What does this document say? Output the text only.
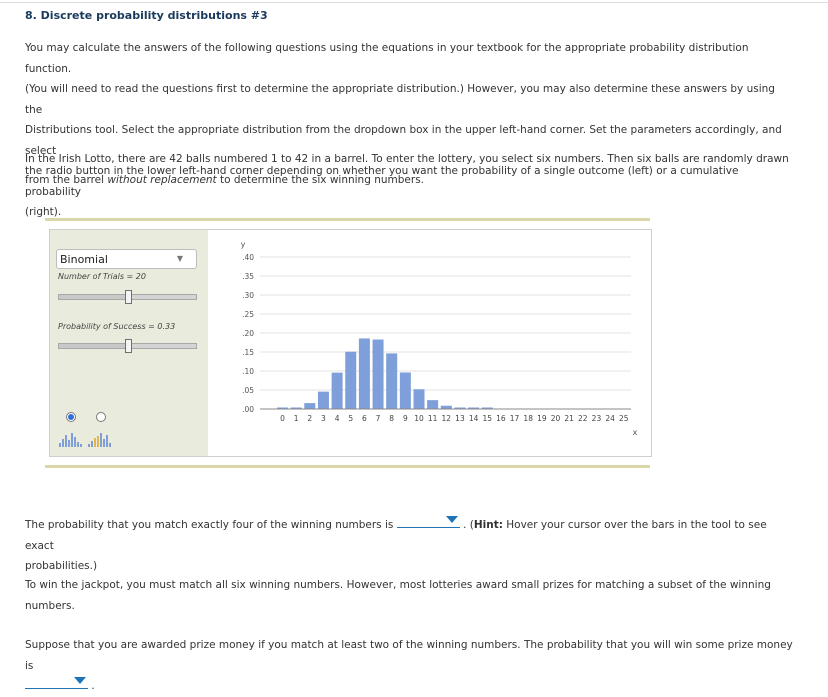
8. Discrete probability distributions #3
You may calculate the answers of the following questions using the equations in your textbook for the appropriate probability distribution function.
(You will need to read the questions first to determine the appropriate distribution.) However, you may also determine these answers by using the
Distributions tool. Select the appropriate distribution from the dropdown box in the upper left-hand corner. Set the parameters accordingly, and select
the radio button in the lower left-hand corner depending on whether you want the probability of a single outcome (left) or a cumulative probability
(right).
In the Irish Lotto, there are 42 balls numbered 1 to 42 in a barrel. To enter the lottery, you select six numbers. Then six balls are randomly drawn
from the barrel without replacement to determine the six winning numbers.
Binomial	▼
Number of Trials = 20
Probability of Success = 0.33
y
x
.00
.05
.10
.15
.20
.25
.30
.35
.40
0 1 2 3 4 5 6 7 8 9 10 11 12 13 14 15 16 17 18 19 20 21 22 23 24 25
The probability that you match exactly four of the winning numbers is	. (Hint: Hover your cursor over the bars in the tool to see exact
probabilities.)
To win the jackpot, you must match all six winning numbers. However, most lotteries award small prizes for matching a subset of the winning
numbers.
Suppose that you are awarded prize money if you match at least two of the winning numbers. The probability that you will win some prize money is
.
